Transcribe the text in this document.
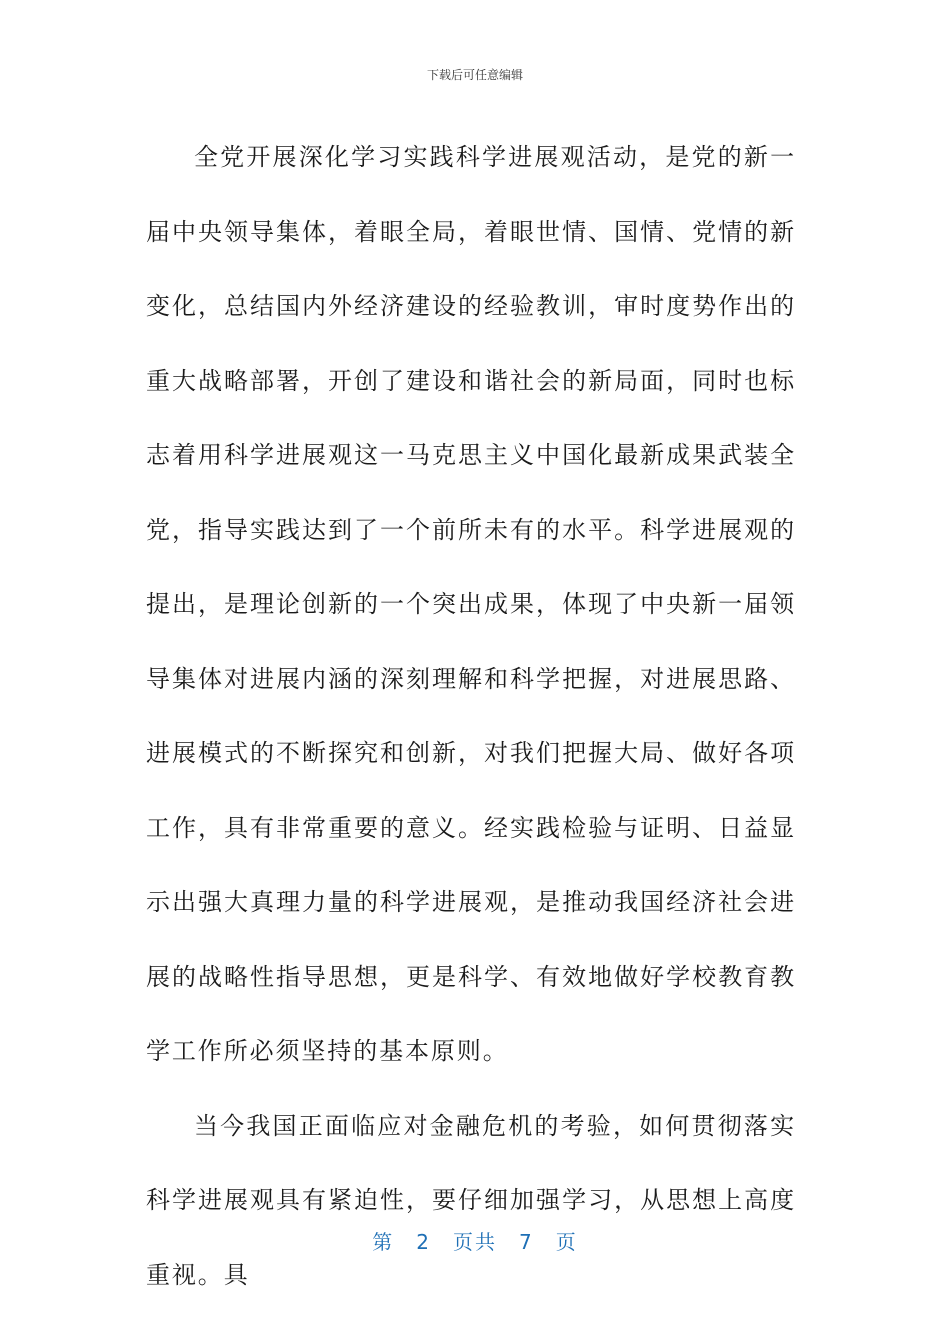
下载后可任意编辑

全党开展深化学习实践科学进展观活动，是党的新一届中央领导集体，着眼全局，着眼世情、国情、党情的新变化，总结国内外经济建设的经验教训，审时度势作出的重大战略部署，开创了建设和谐社会的新局面，同时也标志着用科学进展观这一马克思主义中国化最新成果武装全党，指导实践达到了一个前所未有的水平。科学进展观的提出，是理论创新的一个突出成果，体现了中央新一届领导集体对进展内涵的深刻理解和科学把握，对进展思路、进展模式的不断探究和创新，对我们把握大局、做好各项工作，具有非常重要的意义。经实践检验与证明、日益显示出强大真理力量的科学进展观，是推动我国经济社会进展的战略性指导思想，更是科学、有效地做好学校教育教学工作所必须坚持的基本原则。

当今我国正面临应对金融危机的考验，如何贯彻落实科学进展观具有紧迫性，要仔细加强学习，从思想上高度重视。具

第 2 页共 7 页
